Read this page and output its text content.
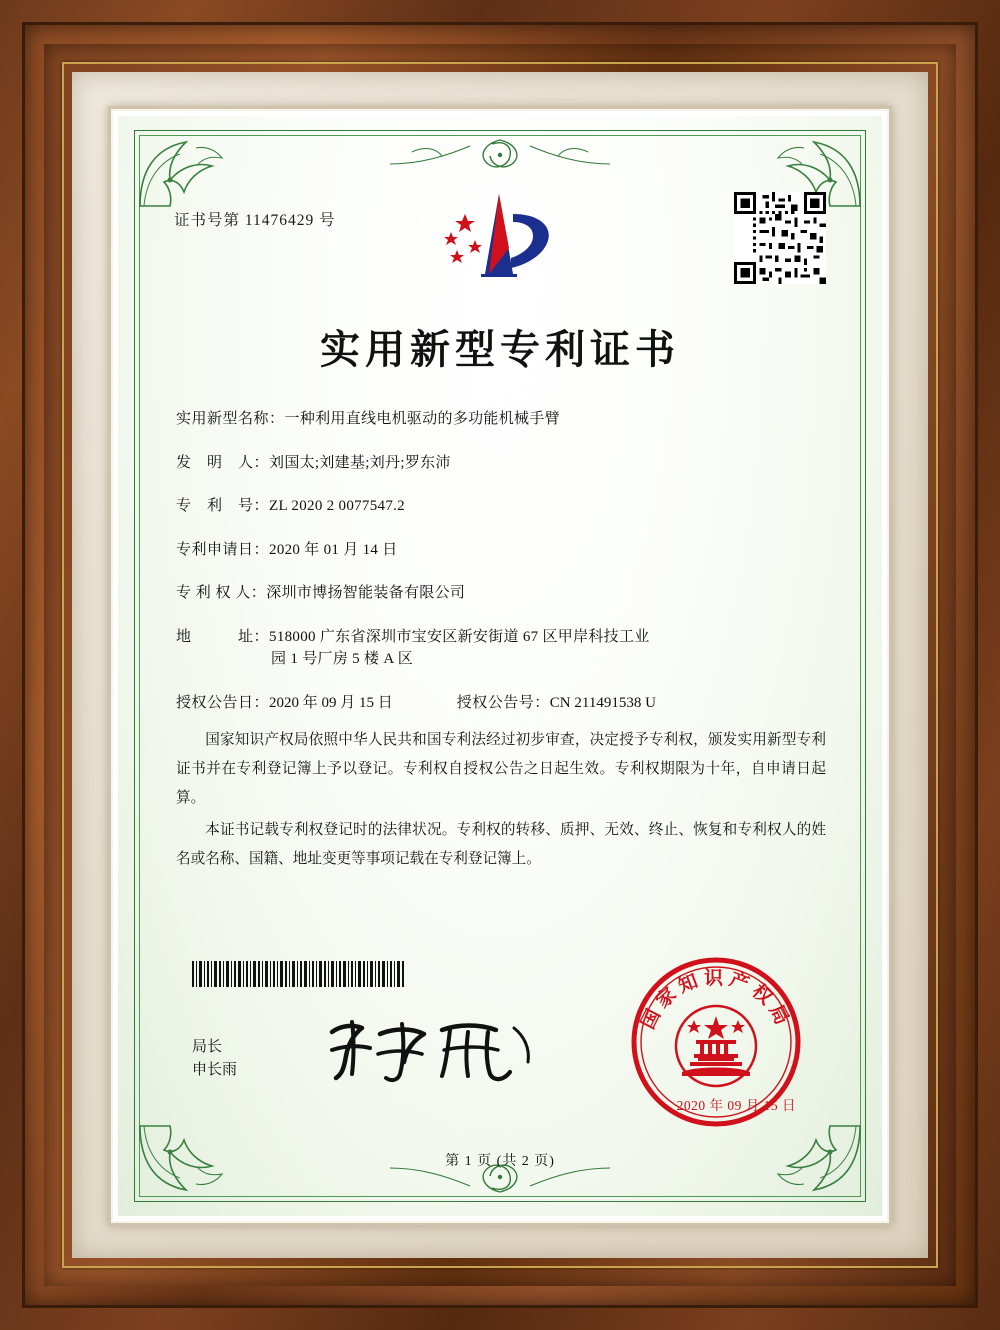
证书号第 11476429 号
实用新型专利证书
实用新型名称： 一种利用直线电机驱动的多功能机械手臂
发　明　人： 刘国太;刘建基;刘丹;罗东沛
专　利　号： ZL 2020 2 0077547.2
专利申请日： 2020 年 01 月 14 日
专 利 权 人： 深圳市博扬智能装备有限公司
地　　　址： 518000 广东省深圳市宝安区新安街道 67 区甲岸科技工业
园 1 号厂房 5 楼 A 区
授权公告日： 2020 年 09 月 15 日	授权公告号： CN 211491538 U

国家知识产权局依照中华人民共和国专利法经过初步审查，决定授予专利权，颁发实用新型专利证书并在专利登记簿上予以登记。专利权自授权公告之日起生效。专利权期限为十年，自申请日起算。

本证书记载专利权登记时的法律状况。专利权的转移、质押、无效、终止、恢复和专利权人的姓名或名称、国籍、地址变更等事项记载在专利登记簿上。

局长
申长雨
国家知识产权局
2020 年 09 月 15 日
第 1 页 (共 2 页)
